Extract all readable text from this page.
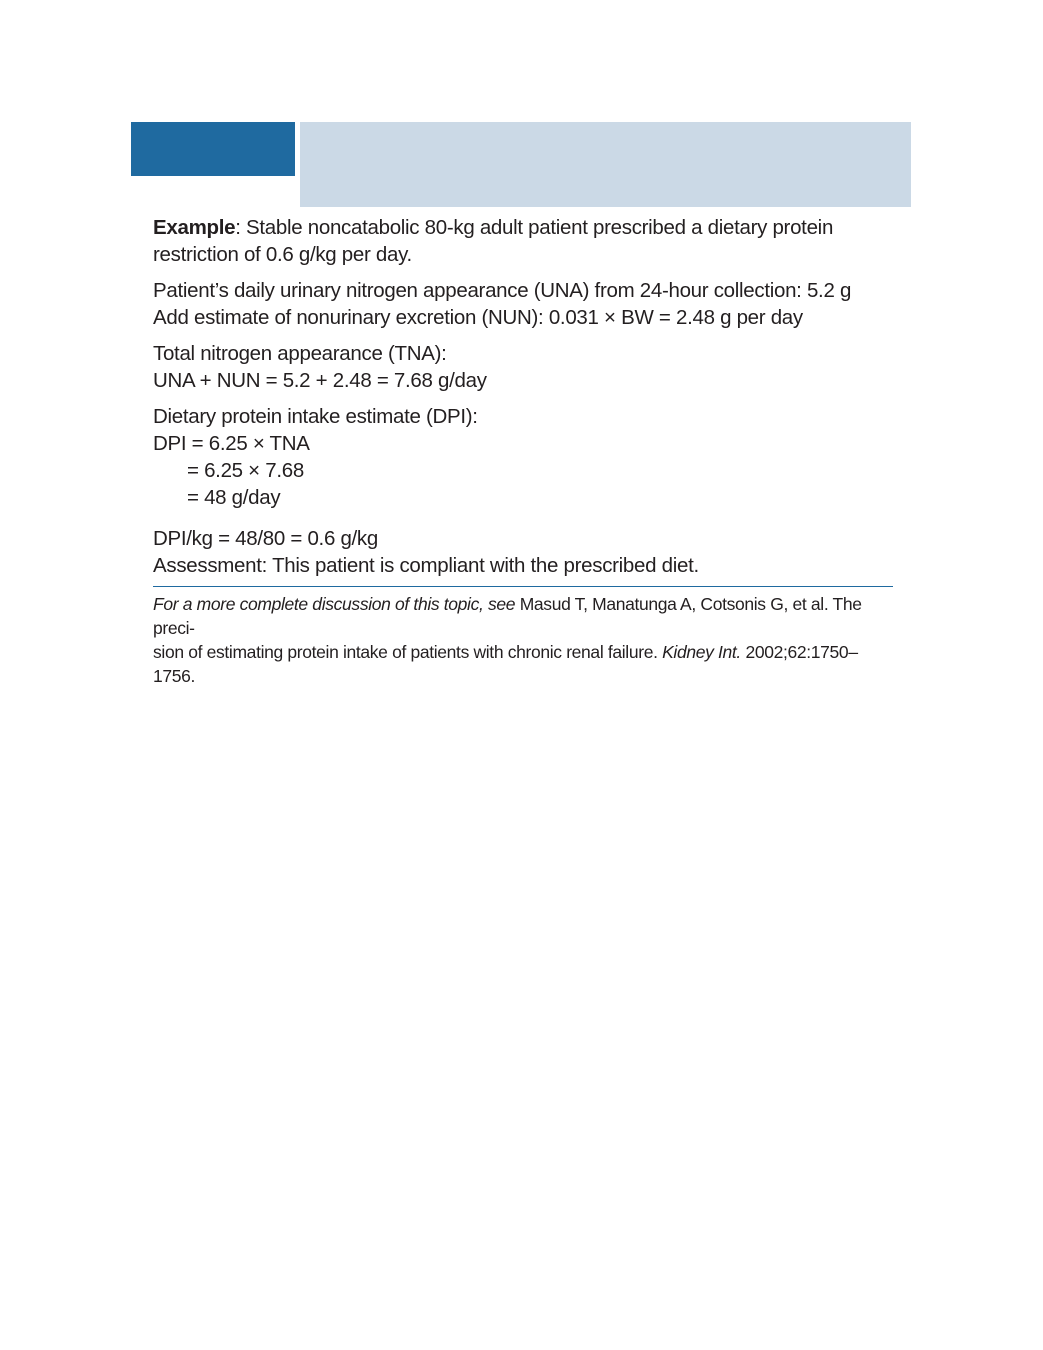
Example: Stable noncatabolic 80-kg adult patient prescribed a dietary protein

restriction of 0.6 g/kg per day.

Patient’s daily urinary nitrogen appearance (UNA) from 24-hour collection: 5.2 g

Add estimate of nonurinary excretion (NUN): 0.031 × BW = 2.48 g per day

Total nitrogen appearance (TNA):

UNA + NUN = 5.2 + 2.48 = 7.68 g/day

Dietary protein intake estimate (DPI):

DPI = 6.25 × TNA

= 6.25 × 7.68

= 48 g/day

DPI/kg = 48/80 = 0.6 g/kg

Assessment: This patient is compliant with the prescribed diet.

For a more complete discussion of this topic, see Masud T, Manatunga A, Cotsonis G, et al. The preci-

sion of estimating protein intake of patients with chronic renal failure. Kidney Int. 2002;62:1750–1756.
